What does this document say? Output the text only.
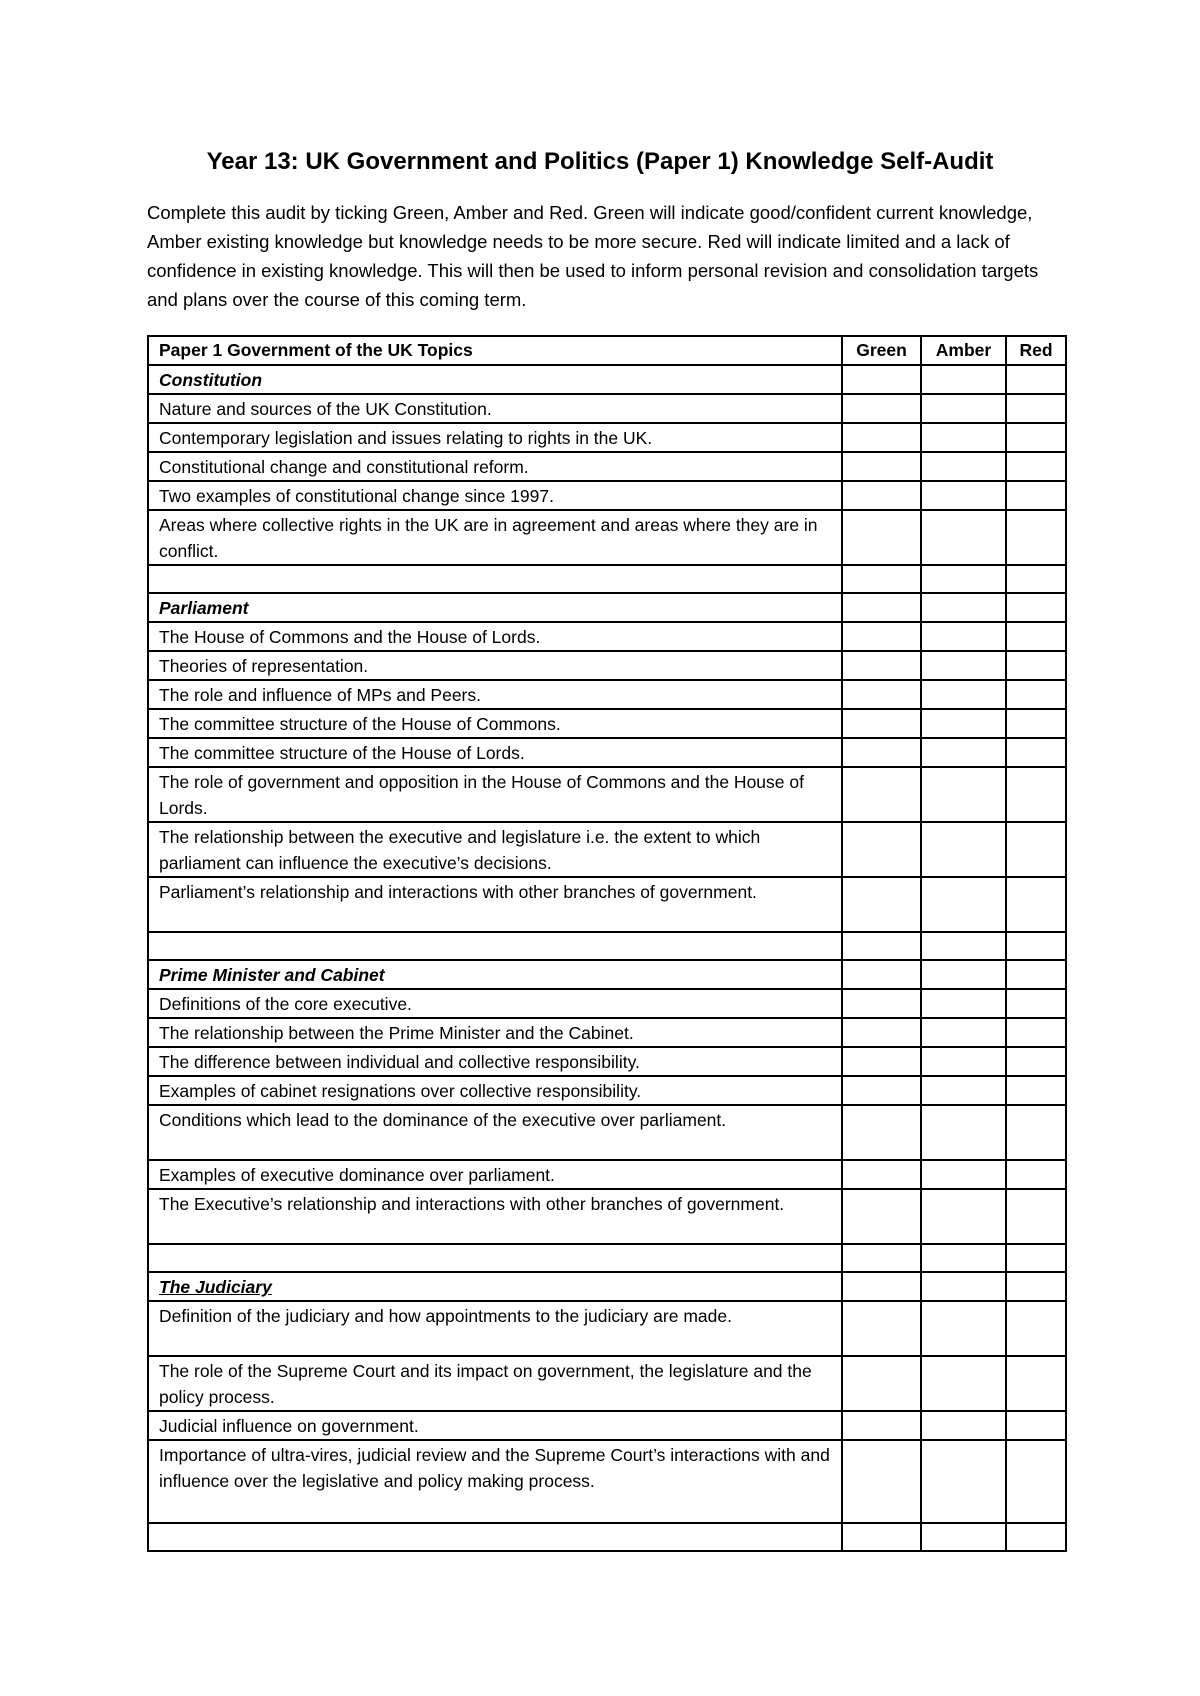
Year 13: UK Government and Politics (Paper 1) Knowledge Self-Audit

Complete this audit by ticking Green, Amber and Red. Green will indicate good/confident current knowledge, Amber existing knowledge but knowledge needs to be more secure. Red will indicate limited and a lack of confidence in existing knowledge. This will then be used to inform personal revision and consolidation targets and plans over the course of this coming term.

Paper 1 Government of the UK Topics	Green	Amber	Red
Constitution			
Nature and sources of the UK Constitution.			
Contemporary legislation and issues relating to rights in the UK.			
Constitutional change and constitutional reform.			
Two examples of constitutional change since 1997.			
Areas where collective rights in the UK are in agreement and areas where they are in conflict.			

Parliament			
The House of Commons and the House of Lords.			
Theories of representation.			
The role and influence of MPs and Peers.			
The committee structure of the House of Commons.			
The committee structure of the House of Lords.			
The role of government and opposition in the House of Commons and the House of Lords.			
The relationship between the executive and legislature i.e. the extent to which parliament can influence the executive’s decisions.			
Parliament’s relationship and interactions with other branches of government.			

Prime Minister and Cabinet			
Definitions of the core executive.			
The relationship between the Prime Minister and the Cabinet.			
The difference between individual and collective responsibility.			
Examples of cabinet resignations over collective responsibility.			
Conditions which lead to the dominance of the executive over parliament.			
Examples of executive dominance over parliament.			
The Executive’s relationship and interactions with other branches of government.			

The Judiciary			
Definition of the judiciary and how appointments to the judiciary are made.			
The role of the Supreme Court and its impact on government, the legislature and the policy process.			
Judicial influence on government.			
Importance of ultra-vires, judicial review and the Supreme Court’s interactions with and influence over the legislative and policy making process.			
